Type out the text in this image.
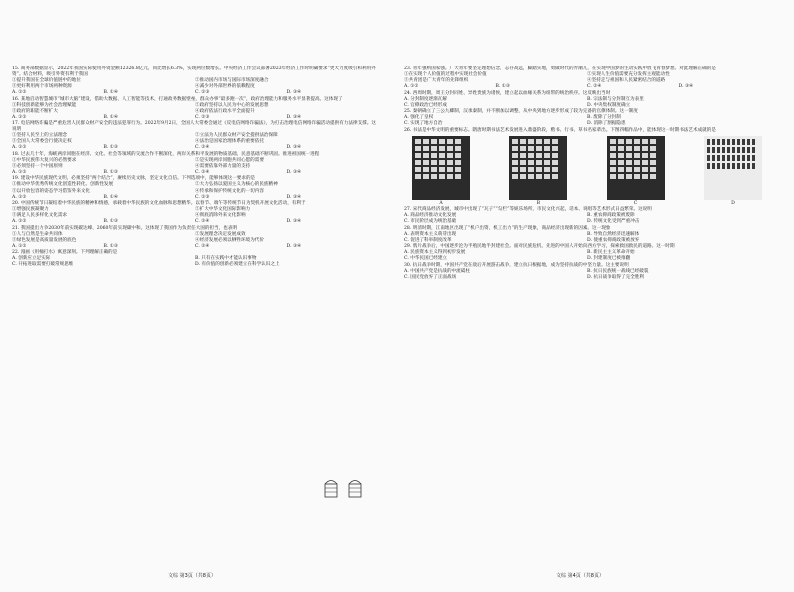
15. 商务部数据显示，2022年我国实际使用外资金额12326.8亿元，同比增长6.3%，实现两位数增长。中央经济工作会议部署2023年经济工作时明确要求“更大力度吸引和利用外资”。结合材料，吸引外资有利于我国
①提升我国在全球价值链中的地位	②推动国内市场与国际市场深度融合
③更好利用两个市场两种资源	④减少对外部世界的依赖程度
A. ①②	B. ①④	C. ②③	D. ③④
16. 某地启动智慧城市“城市大脑”建设，借助大数据、人工智能等技术，打通政务数据壁垒，群众办事“最多跑一次”，政府治理能力和服务水平显著提高。这体现了
①科技创新能够为社会治理赋能	②政府坚持以人民为中心的发展思想
③政府的职能不断扩大	④政府依法行政水平全面提升
A. ①②	B. ①④	C. ②③	D. ③④
17. 电信网络诈骗是严重危害人民群众财产安全的违法犯罪行为。2022年9月2日，全国人大常委会通过《反电信网络诈骗法》，为打击治理电信网络诈骗活动提供有力法律支撑。这说明
①坚持人民至上的立法理念	②立法为人民群众财产安全提供法治保障
③全国人大常委会行使决定权	④法治是国家治理体系的重要依托
A. ①②	B. ①③	C. ②④	D. ③④
18. 过去几十年，海峡两岸同胞在经济、文化、社会等领域的交流合作不断深化，两岸关系和平发展的物质基础、民意基础不断巩固。推进祖国统一进程
①中华民族伟大复兴的必然要求	②是实现两岸同胞共同心愿的需要
③必须坚持一个中国原则	④需要依靠外部力量的支持
A. ①②	B. ①③	C. ②④	D. ③④
19. 建设中华民族现代文明，必须坚持“两个结合”，赓续历史文脉，坚定文化自信。下列选项中，能够体现这一要求的是
①推动中华优秀传统文化创造性转化、创新性发展	②大力弘扬以爱国主义为核心的民族精神
③以开放包容的姿态学习借鉴外来文化	④传承和保护传统文化的一切内容
A. ①②	B. ①④	C. ②③	D. ③④
20. 中国传统节日凝结着中华民族的精神和情感，承载着中华民族的文化血脉和思想精华。以春节、端午等传统节日为契机开展文化活动，有利于
①增强民族凝聚力	②扩大中华文化国际影响力
③满足人民多样化文化需求	④彻底消除外来文化影响
A. ①②	B. ①③	C. ②④	D. ③④
21. 我国提出力争2030年前实现碳达峰、2060年前实现碳中和。这体现了我国作为负责任大国的担当，也表明
①人与自然是生命共同体	②发展理念决定发展成效
③绿色发展是高质量发展的底色	④经济发展必须以牺牲环境为代价
A. ①②	B. ①③	C. ②④	D. ③④
22. 漫画《用桶打水》寓意深刻。下列理解正确的是
A. 创新应立足实际	B. 只有在实践中才能认识事物
C. 开拓进取需要打破常规思维	D. 有价值的创新必须建立在科学认识之上
23. 青年强则国家强。广大青年要坚定理想信念，志存高远，脚踏实地，勇做时代的弄潮儿，在实现中国梦的生动实践中放飞青春梦想。对此理解正确的是
①在实现个人价值的过程中实现社会价值	②实现人生价值需要充分发挥主观能动性
③共青团是广大青年的先锋组织	④坚持走与祖国和人民紧密结合的道路
A. ①②	B. ①③	C. ②④	D. ③④
24. 西周时期，周王分封同姓、异姓贵族为诸侯，建立起以血缘关系为纽带的统治秩序。这反映出当时
A. 分封制度逐渐瓦解	B. 宗法制与分封制互为表里
C. 官僚政治已经形成	D. 中央集权制度确立
25. 秦朝确立了三公九卿制，汉承秦制，并不断加以调整，从中央到地方逐步形成了较为完备的官僚体制。这一制度
A. 强化了皇权	B. 废除了分封制
C. 实现了地方自治	D. 消除了割据隐患
26. 书法是中华文明的重要标志。隋唐时期书法艺术发展进入鼎盛阶段，楷书、行书、草书名家辈出。下图四幅作品中，能体现这一时期书法艺术成就的是
A	B	C	D
27. 宋代商品经济发展，城市中出现了“瓦子”“勾栏”等娱乐场所，市民文化兴起，话本、说唱等艺术形式日益繁荣。这说明
A. 商品经济推动文化发展	B. 重农抑商政策被废除
C. 市民阶层成为统治基础	D. 传统文化受到严重冲击
28. 明清时期，江南地区出现了“机户出资，机工出力”的生产现象，商品经济出现新的因素。这一现象
A. 表明资本主义萌芽出现	B. 导致自然经济迅速解体
C. 促进了科举制度改革	D. 使重农抑商政策被放弃
29. 鸦片战争后，中国逐步沦为半殖民地半封建社会。面对民族危机，先进的中国人开始向西方学习，探索救国救民的道路。这一时期
A. 民族资本主义得到初步发展	B. 新民主主义革命开始
C. 中华民国已经建立	D. 封建制度已被推翻
30. 抗日战争时期，中国共产党在敌后开展游击战争，建立抗日根据地，成为坚持抗战的中坚力量。这主要说明
A. 中国共产党是抗战的中流砥柱	B. 抗日民族统一战线已经破裂
C. 国民党放弃了正面战场	D. 抗日战争取得了完全胜利
文综 第3页（共8页）	文综 第4页（共8页）
